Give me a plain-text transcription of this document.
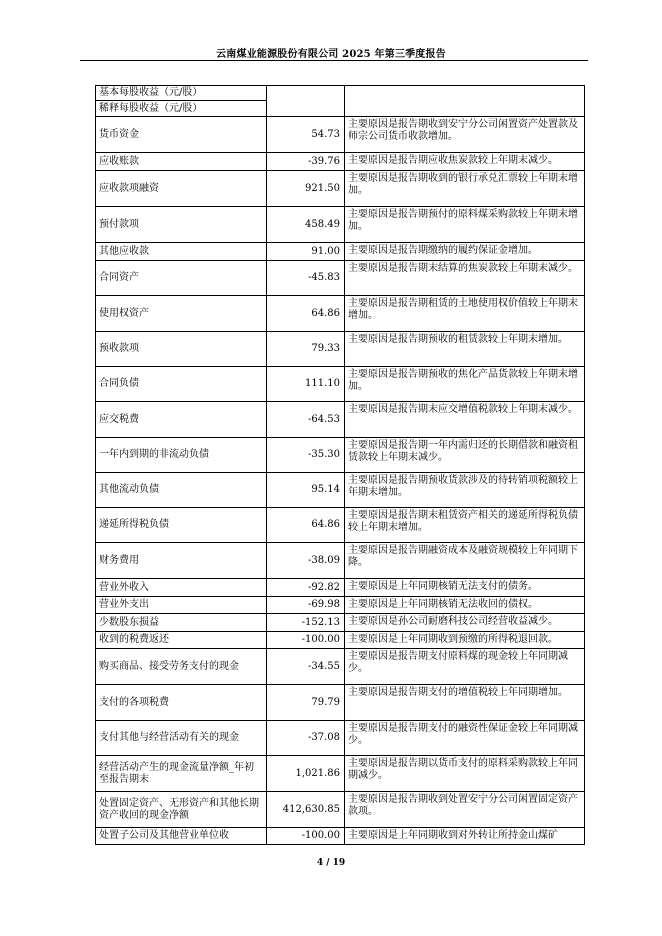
云南煤业能源股份有限公司 2025 年第三季度报告
基本每股收益（元/股）		
稀释每股收益（元/股）		
货币资金	54.73	主要原因是报告期收到安宁分公司闲置资产处置款及师宗公司货币收款增加。
应收账款	-39.76	主要原因是报告期应收焦炭款较上年期末减少。
应收款项融资	921.50	主要原因是报告期收到的银行承兑汇票较上年期末增加。
预付款项	458.49	主要原因是报告期预付的原料煤采购款较上年期末增加。
其他应收款	91.00	主要原因是报告期缴纳的履约保证金增加。
合同资产	-45.83	主要原因是报告期末结算的焦炭款较上年期末减少。
使用权资产	64.86	主要原因是报告期租赁的土地使用权价值较上年期末增加。
预收款项	79.33	主要原因是报告期预收的租赁款较上年期末增加。
合同负债	111.10	主要原因是报告期预收的焦化产品货款较上年期末增加。
应交税费	-64.53	主要原因是报告期末应交增值税款较上年期末减少。
一年内到期的非流动负债	-35.30	主要原因是报告期一年内需归还的长期借款和融资租赁款较上年期末减少。
其他流动负债	95.14	主要原因是报告期预收货款涉及的待转销项税额较上年期末增加。
递延所得税负债	64.86	主要原因是报告期末租赁资产相关的递延所得税负债较上年期末增加。
财务费用	-38.09	主要原因是报告期融资成本及融资规模较上年同期下降。
营业外收入	-92.82	主要原因是上年同期核销无法支付的债务。
营业外支出	-69.98	主要原因是上年同期核销无法收回的债权。
少数股东损益	-152.13	主要原因是孙公司耐磨科技公司经营收益减少。
收到的税费返还	-100.00	主要原因是上年同期收到预缴的所得税退回款。
购买商品、接受劳务支付的现金	-34.55	主要原因是报告期支付原料煤的现金较上年同期减少。
支付的各项税费	79.79	主要原因是报告期支付的增值税较上年同期增加。
支付其他与经营活动有关的现金	-37.08	主要原因是报告期支付的融资性保证金较上年同期减少。
经营活动产生的现金流量净额_年初至报告期末	1,021.86	主要原因是报告期以货币支付的原料采购款较上年同期减少。
处置固定资产、无形资产和其他长期资产收回的现金净额	412,630.85	主要原因是报告期收到处置安宁分公司闲置固定资产款项。
处置子公司及其他营业单位收	-100.00	主要原因是上年同期收到对外转让所持金山煤矿
4 / 19
